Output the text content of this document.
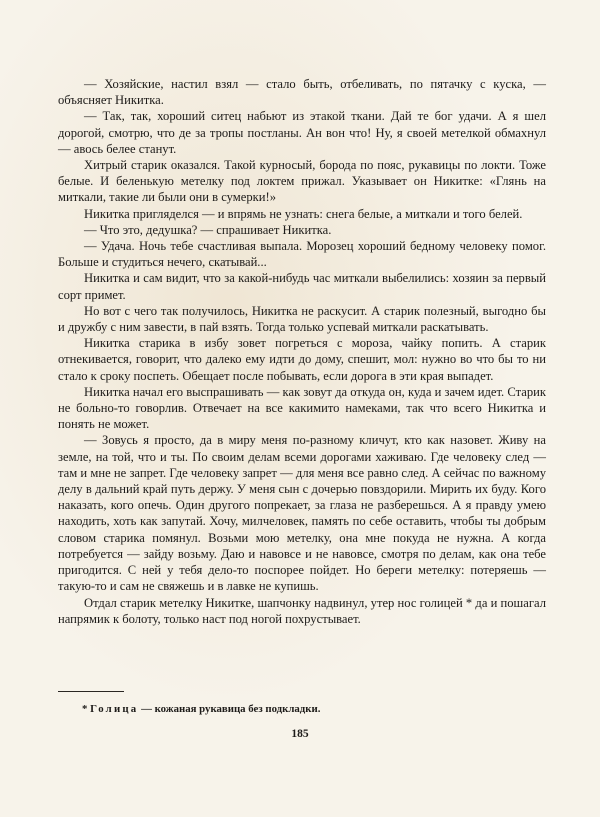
— Хозяйские, настил взял — стало быть, отбеливать, по пятачку с куска, — объясняет Никитка.

— Так, так, хороший ситец набьют из этакой ткани. Дай те бог удачи. А я шел дорогой, смотрю, что де за тропы постланы. Ан вон что! Ну, я своей метелкой обмахнул — авось белее станут.

Хитрый старик оказался. Такой курносый, борода по пояс, рукавицы по локти. Тоже белые. И беленькую метелку под локтем прижал. Указывает он Никитке: «Глянь на миткали, такие ли были они в сумерки!»

Никитка пригляделся — и впрямь не узнать: снега белые, а миткали и того белей.

— Что это, дедушка? — спрашивает Никитка.

— Удача. Ночь тебе счастливая выпала. Морозец хороший бедному человеку помог. Больше и студиться нечего, скатывай...

Никитка и сам видит, что за какой-нибудь час миткали выбелились: хозяин за первый сорт примет.

Но вот с чего так получилось, Никитка не раскусит. А старик полезный, выгодно бы и дружбу с ним завести, в пай взять. Тогда только успевай миткали раскатывать.

Никитка старика в избу зовет погреться с мороза, чайку попить. А старик отнекивается, говорит, что далеко ему идти до дому, спешит, мол: нужно во что бы то ни стало к сроку поспеть. Обещает после побывать, если дорога в эти края выпадет.

Никитка начал его выспрашивать — как зовут да откуда он, куда и зачем идет. Старик не больно-то говорлив. Отвечает на все какимито намеками, так что всего Никитка и понять не может.

— Зовусь я просто, да в миру меня по-разному кличут, кто как назовет. Живу на земле, на той, что и ты. По своим делам всеми дорогами хаживаю. Где человеку след — там и мне не запрет. Где человеку запрет — для меня все равно след. А сейчас по важному делу в дальний край путь держу. У меня сын с дочерью повздорили. Мирить их буду. Кого наказать, кого опечь. Один другого попрекает, за глаза не разберешься. А я правду умею находить, хоть как запутай. Хочу, милчеловек, память по себе оставить, чтобы ты добрым словом старика помянул. Возьми мою метелку, она мне покуда не нужна. А когда потребуется — зайду возьму. Даю и навовсе и не навовсе, смотря по делам, как она тебе пригодится. С ней у тебя дело-то поспорее пойдет. Но береги метелку: потеряешь — такую-то и сам не свяжешь и в лавке не купишь.

Отдал старик метелку Никитке, шапчонку надвинул, утер нос голицей * да и пошагал напрямик к болоту, только наст под ногой похрустывает.

* Голица — кожаная рукавица без подкладки.
185
